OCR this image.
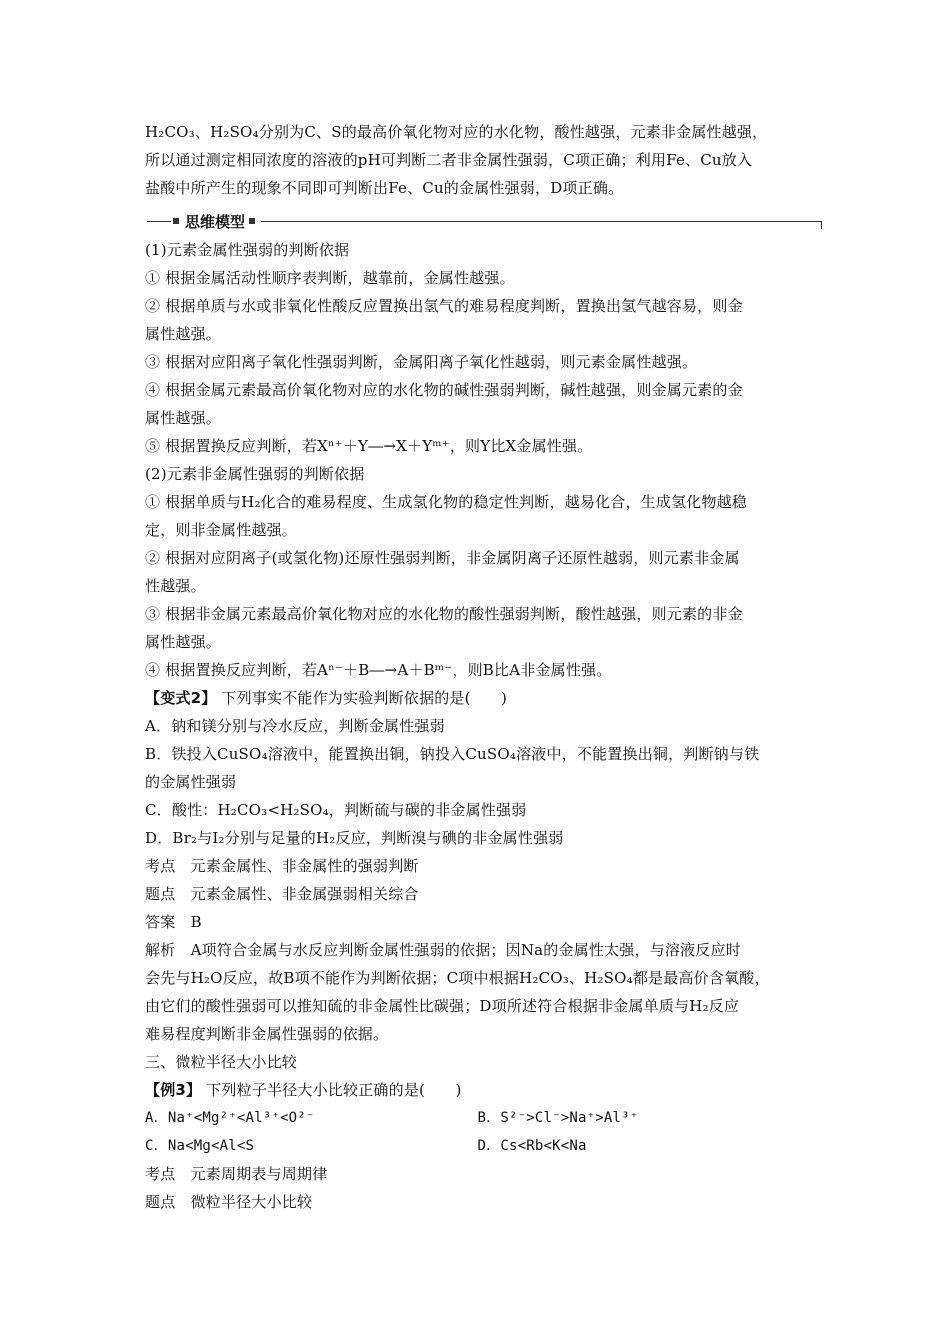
H₂CO₃、H₂SO₄分别为C、S的最高价氧化物对应的水化物，酸性越强，元素非金属性越强，
所以通过测定相同浓度的溶液的pH可判断二者非金属性强弱，C项正确；利用Fe、Cu放入
盐酸中所产生的现象不同即可判断出Fe、Cu的金属性强弱，D项正确。
思维模型
(1)元素金属性强弱的判断依据
① 根据金属活动性顺序表判断，越靠前，金属性越强。
② 根据单质与水或非氧化性酸反应置换出氢气的难易程度判断，置换出氢气越容易，则金
属性越强。
③ 根据对应阳离子氧化性强弱判断，金属阳离子氧化性越弱，则元素金属性越强。
④ 根据金属元素最高价氧化物对应的水化物的碱性强弱判断，碱性越强，则金属元素的金
属性越强。
⑤ 根据置换反应判断，若Xⁿ⁺＋Y―→X＋Yᵐ⁺，则Y比X金属性强。
(2)元素非金属性强弱的判断依据
① 根据单质与H₂化合的难易程度、生成氢化物的稳定性判断，越易化合，生成氢化物越稳
定，则非金属性越强。
② 根据对应阴离子(或氢化物)还原性强弱判断，非金属阴离子还原性越弱，则元素非金属
性越强。
③ 根据非金属元素最高价氧化物对应的水化物的酸性强弱判断，酸性越强，则元素的非金
属性越强。
④ 根据置换反应判断，若Aⁿ⁻＋B―→A＋Bᵐ⁻，则B比A非金属性强。
【变式2】 下列事实不能作为实验判断依据的是(　　)
A．钠和镁分别与冷水反应，判断金属性强弱
B．铁投入CuSO₄溶液中，能置换出铜，钠投入CuSO₄溶液中，不能置换出铜，判断钠与铁
的金属性强弱
C．酸性：H₂CO₃<H₂SO₄，判断硫与碳的非金属性强弱
D．Br₂与I₂分别与足量的H₂反应，判断溴与碘的非金属性强弱
考点　元素金属性、非金属性的强弱判断
题点　元素金属性、非金属强弱相关综合
答案　B
解析　A项符合金属与水反应判断金属性强弱的依据；因Na的金属性太强，与溶液反应时
会先与H₂O反应，故B项不能作为判断依据；C项中根据H₂CO₃、H₂SO₄都是最高价含氧酸，
由它们的酸性强弱可以推知硫的非金属性比碳强；D项所述符合根据非金属单质与H₂反应
难易程度判断非金属性强弱的依据。
三、微粒半径大小比较
【例3】 下列粒子半径大小比较正确的是(　　)
A．Na⁺<Mg²⁺<Al³⁺<O²⁻	B．S²⁻>Cl⁻>Na⁺>Al³⁺
C．Na<Mg<Al<S	D．Cs<Rb<K<Na
考点　元素周期表与周期律
题点　微粒半径大小比较
